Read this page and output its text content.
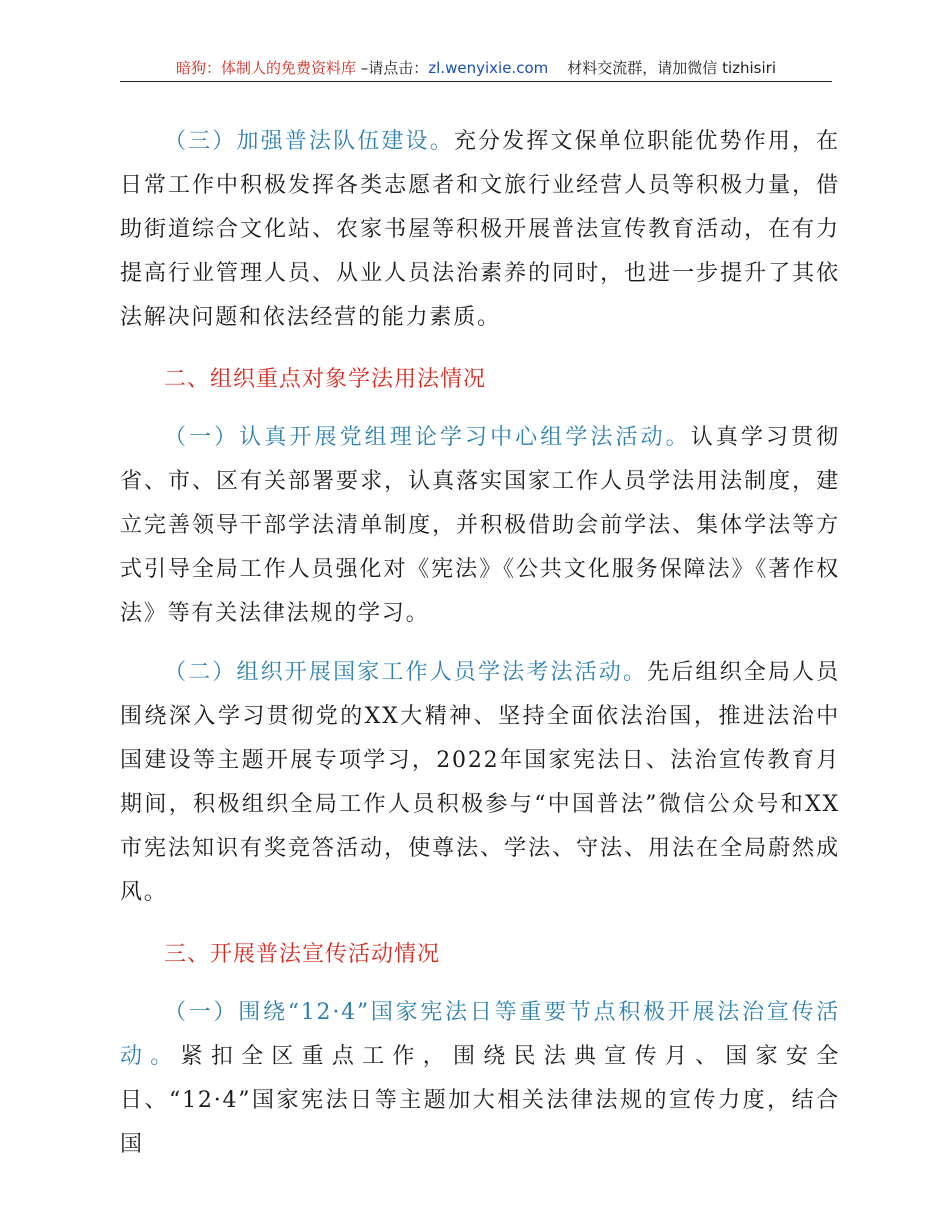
暗狗：体制人的免费资料库 –请点击：zl.wenyixie.com    材料交流群，请加微信 tizhisiri

（三）加强普法队伍建设。充分发挥文保单位职能优势作用，在日常工作中积极发挥各类志愿者和文旅行业经营人员等积极力量，借助街道综合文化站、农家书屋等积极开展普法宣传教育活动，在有力提高行业管理人员、从业人员法治素养的同时，也进一步提升了其依法解决问题和依法经营的能力素质。

二、组织重点对象学法用法情况

（一）认真开展党组理论学习中心组学法活动。认真学习贯彻省、市、区有关部署要求，认真落实国家工作人员学法用法制度，建立完善领导干部学法清单制度，并积极借助会前学法、集体学法等方式引导全局工作人员强化对《宪法》《公共文化服务保障法》《著作权法》等有关法律法规的学习。

（二）组织开展国家工作人员学法考法活动。先后组织全局人员围绕深入学习贯彻党的XX大精神、坚持全面依法治国，推进法治中国建设等主题开展专项学习，2022年国家宪法日、法治宣传教育月期间，积极组织全局工作人员积极参与“中国普法”微信公众号和XX市宪法知识有奖竞答活动，使尊法、学法、守法、用法在全局蔚然成风。

三、开展普法宣传活动情况

（一）围绕“12·4”国家宪法日等重要节点积极开展法治宣传活动。紧扣全区重点工作，围绕民法典宣传月、国家安全日、“12·4”国家宪法日等主题加大相关法律法规的宣传力度，结合国
